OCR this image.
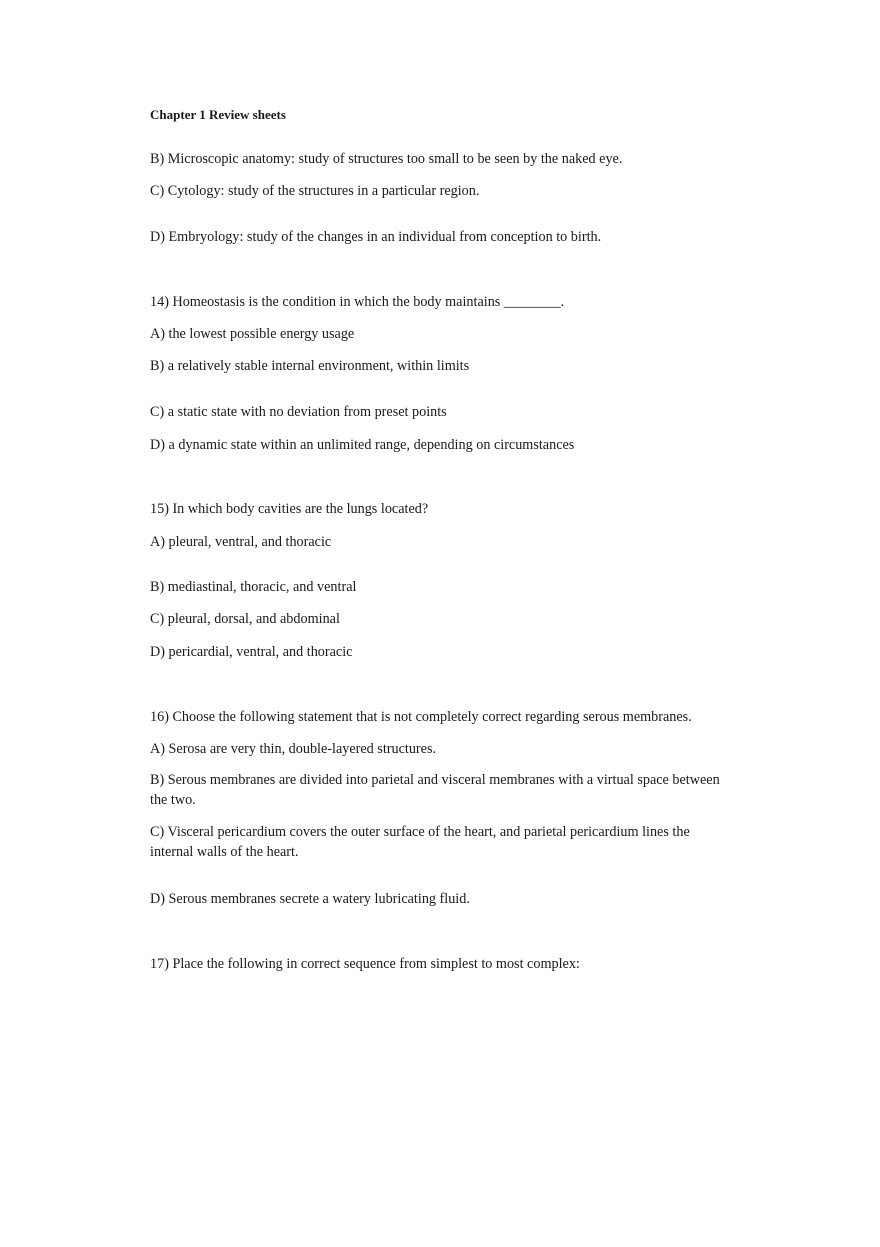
Chapter 1 Review sheets
B) Microscopic anatomy: study of structures too small to be seen by the naked eye.
C) Cytology: study of the structures in a particular region.
D) Embryology: study of the changes in an individual from conception to birth.
14) Homeostasis is the condition in which the body maintains ________.
A) the lowest possible energy usage
B) a relatively stable internal environment, within limits
C) a static state with no deviation from preset points
D) a dynamic state within an unlimited range, depending on circumstances
15) In which body cavities are the lungs located?
A) pleural, ventral, and thoracic
B) mediastinal, thoracic, and ventral
C) pleural, dorsal, and abdominal
D) pericardial, ventral, and thoracic
16) Choose the following statement that is not completely correct regarding serous membranes.
A) Serosa are very thin, double-layered structures.
B) Serous membranes are divided into parietal and visceral membranes with a virtual space between the two.
C) Visceral pericardium covers the outer surface of the heart, and parietal pericardium lines the internal walls of the heart.
D) Serous membranes secrete a watery lubricating fluid.
17) Place the following in correct sequence from simplest to most complex:
